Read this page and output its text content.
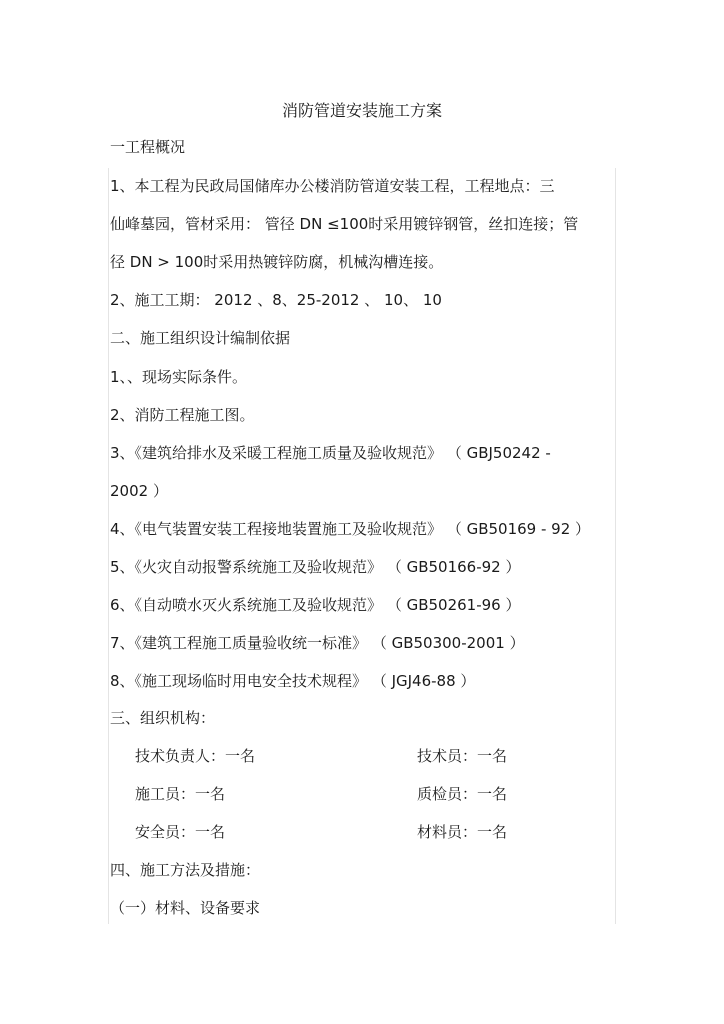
消防管道安装施工方案
一工程概况
1、本工程为民政局国储库办公楼消防管道安装工程，工程地点：三
仙峰墓园，管材采用： 管径 DN ≤100时采用镀锌钢管，丝扣连接；管
径 DN > 100时采用热镀锌防腐，机械沟槽连接。
2、施工工期： 2012 、8、25-2012 、 10、 10
二、施工组织设计编制依据
1、、现场实际条件。
2、消防工程施工图。
3、《建筑给排水及采暖工程施工质量及验收规范》 （ GBJ50242 -
2002 ）
4、《电气装置安装工程接地装置施工及验收规范》 （ GB50169 - 92 ）
5、《火灾自动报警系统施工及验收规范》 （ GB50166-92 ）
6、《自动喷水灭火系统施工及验收规范》 （ GB50261-96 ）
7、《建筑工程施工质量验收统一标准》 （ GB50300-2001 ）
8、《施工现场临时用电安全技术规程》 （ JGJ46-88 ）
三、组织机构：
技术负责人：一名	技术员：一名
施工员：一名	质检员：一名
安全员：一名	材料员：一名
四、施工方法及措施：
（一）材料、设备要求
